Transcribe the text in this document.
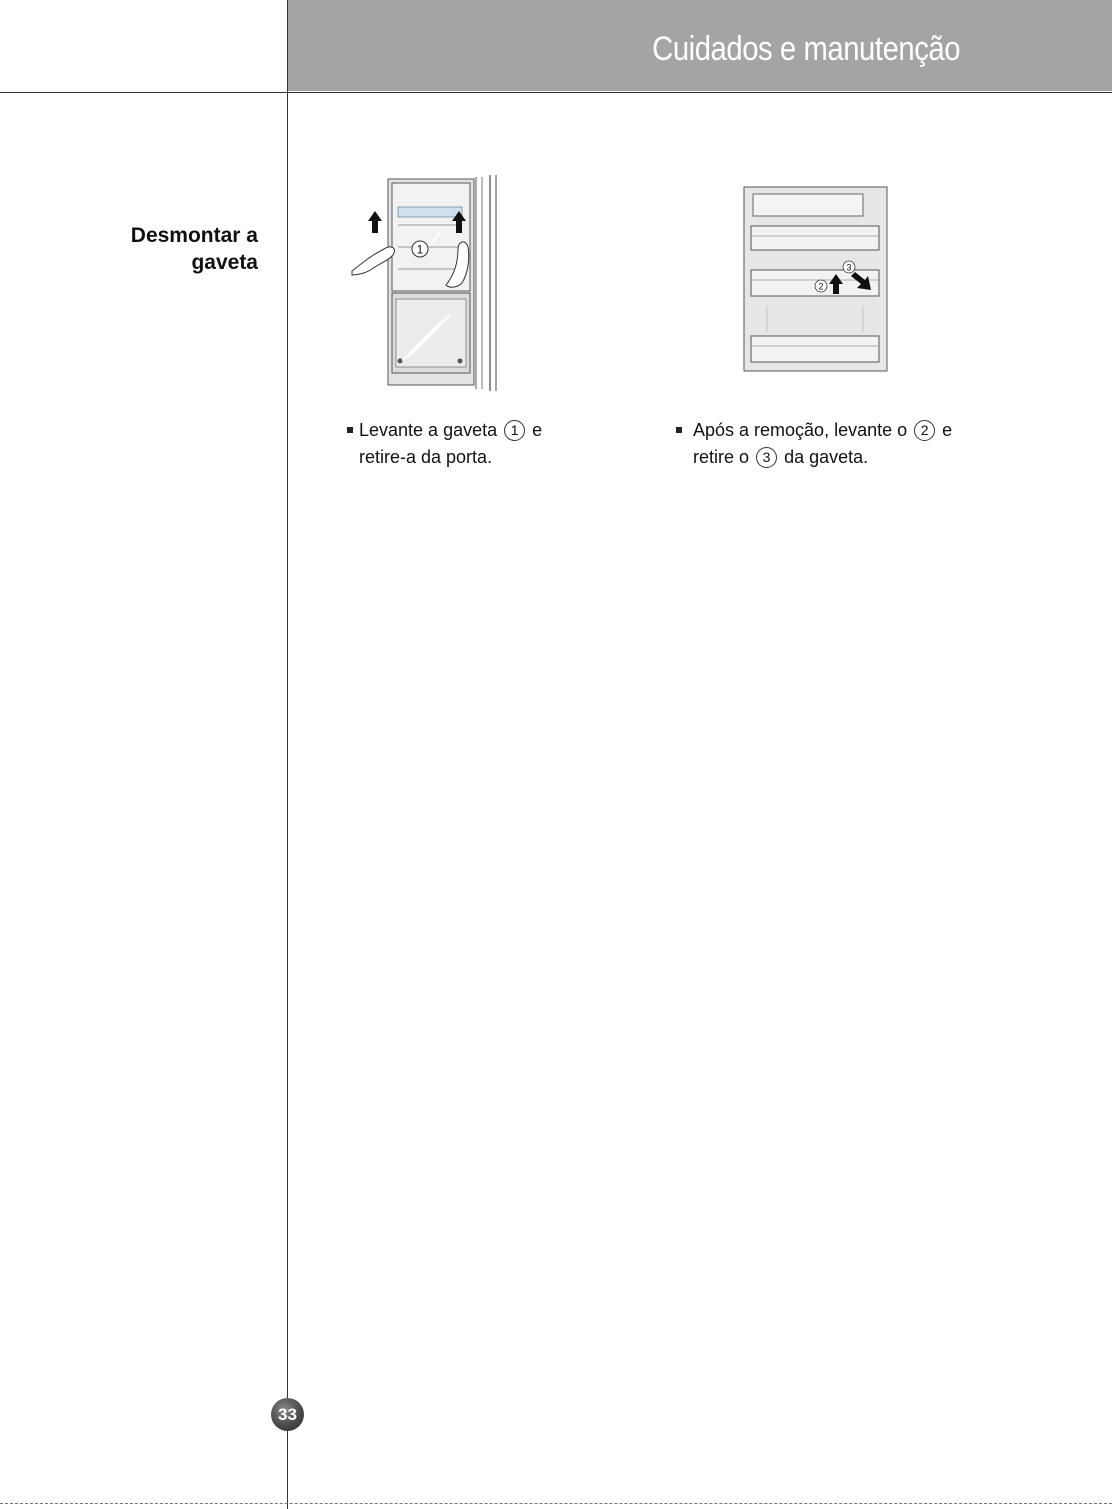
Cuidados e manutenção
Desmontar a
gaveta
1
2
3
Levante a gaveta 1 e
retire-a da porta.
Após a remoção, levante o 2 e
retire o 3 da gaveta.
33
